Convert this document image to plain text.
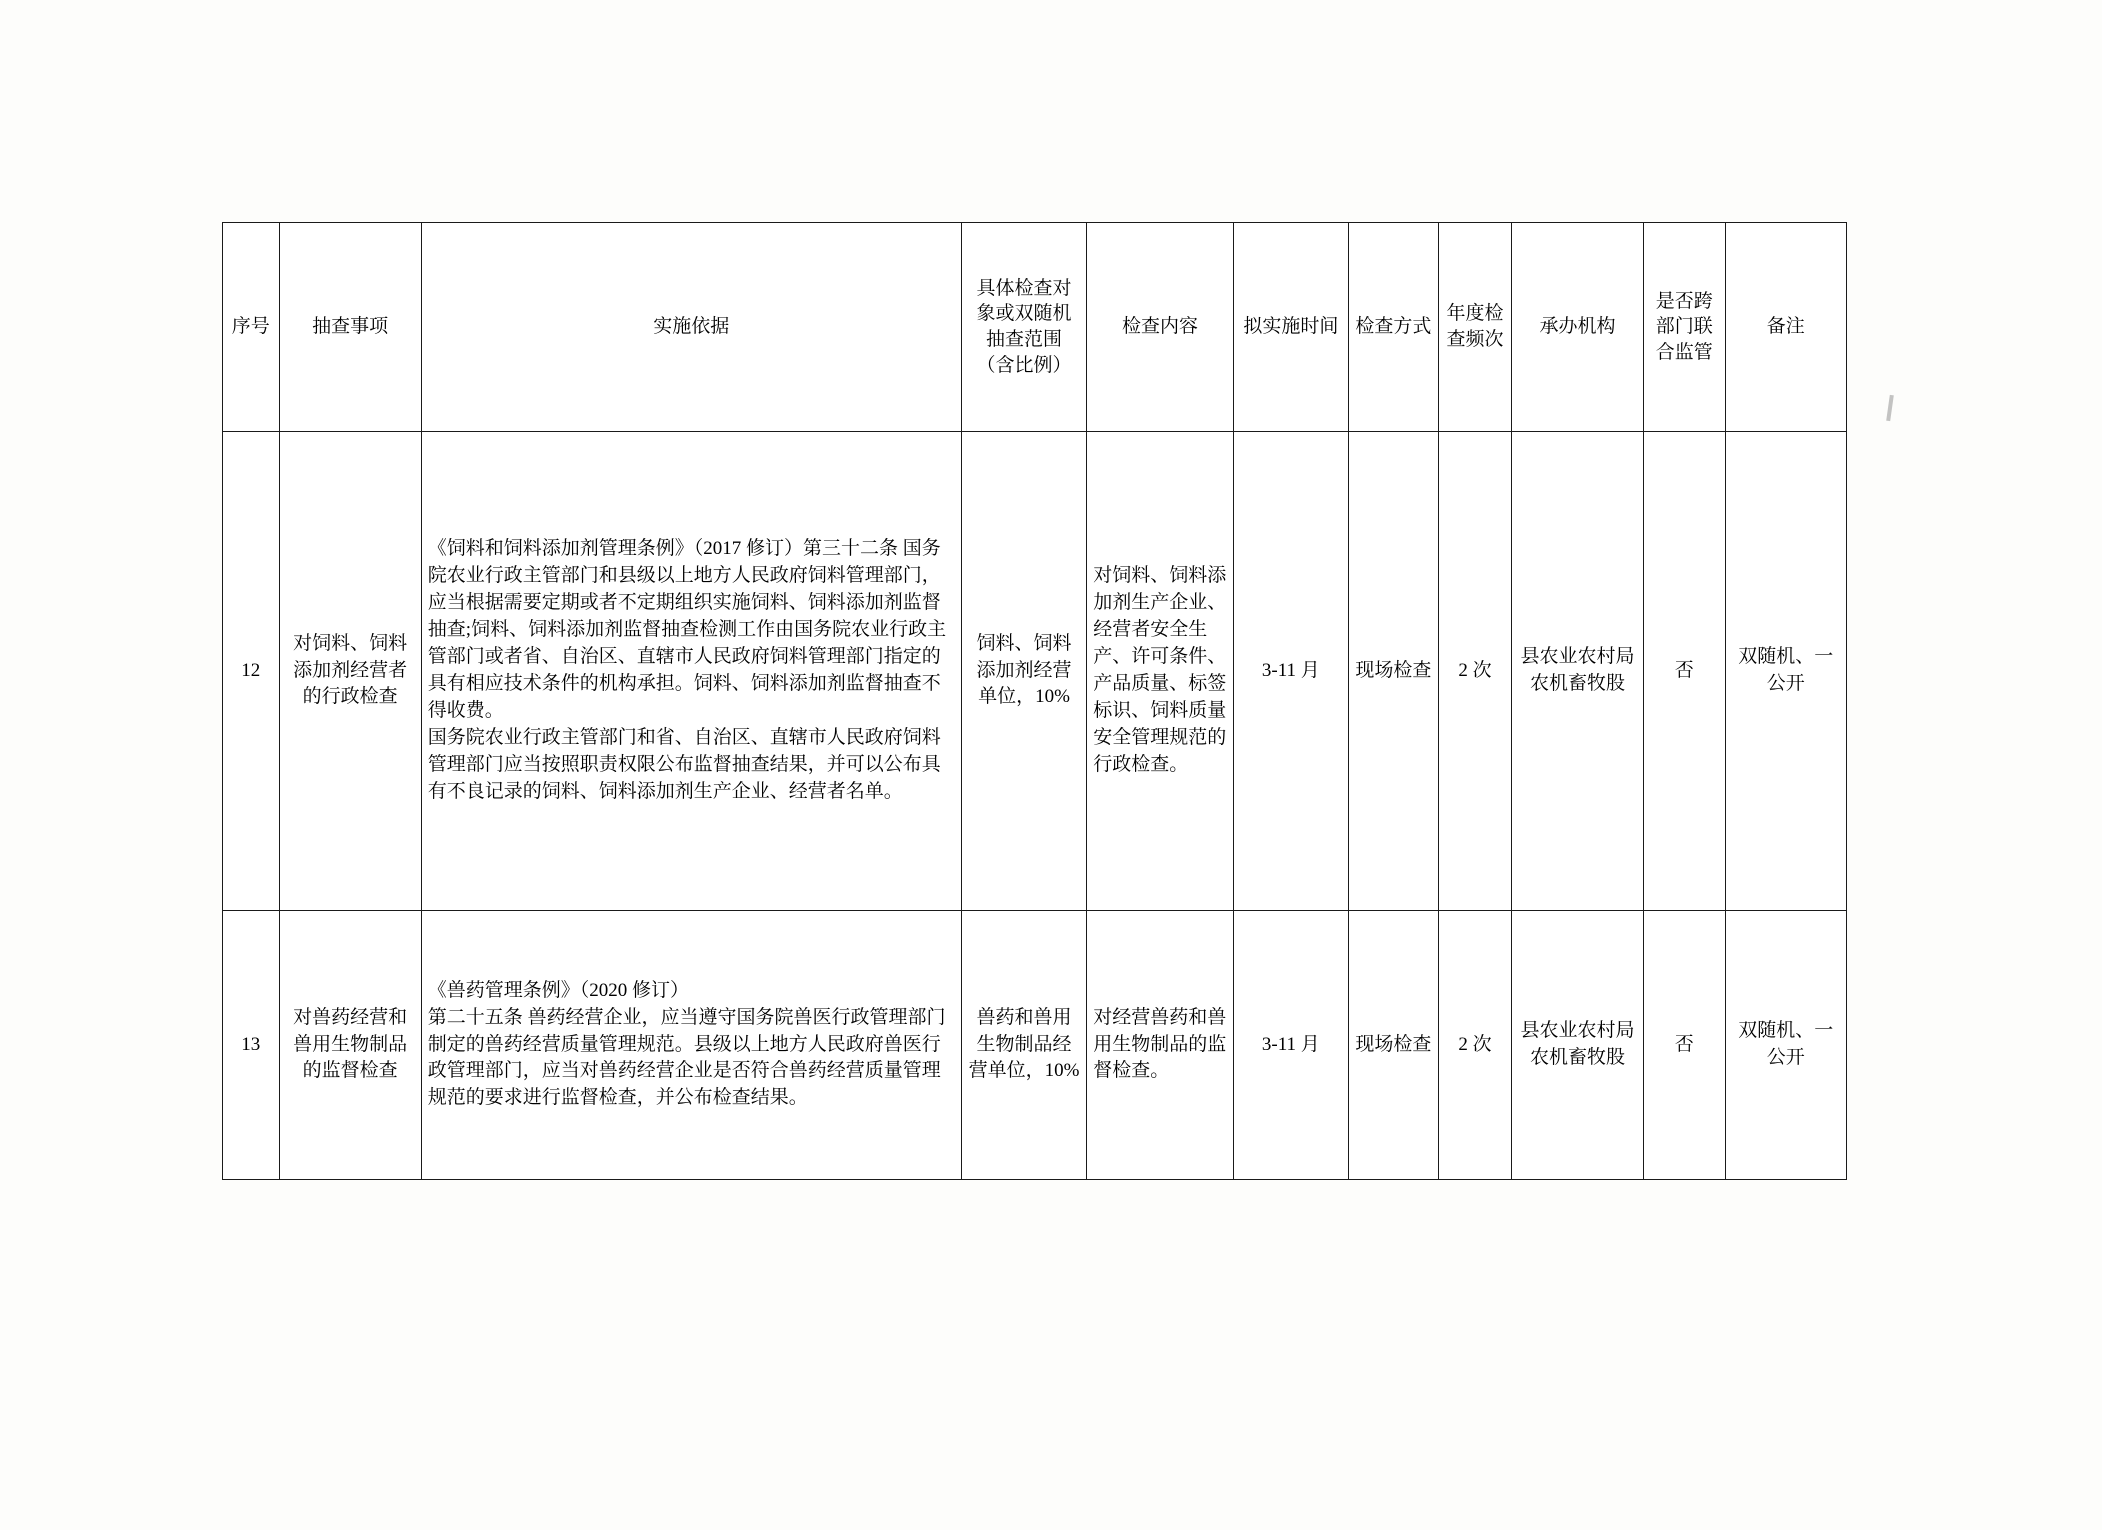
序号	抽查事项	实施依据	具体检查对象或双随机抽查范围（含比例）	检查内容	拟实施时间	检查方式	年度检查频次	承办机构	是否跨部门联合监管	备注

12	对饲料、饲料添加剂经营者的行政检查	《饲料和饲料添加剂管理条例》（2017 修订）第三十二条 国务院农业行政主管部门和县级以上地方人民政府饲料管理部门，应当根据需要定期或者不定期组织实施饲料、饲料添加剂监督抽查;饲料、饲料添加剂监督抽查检测工作由国务院农业行政主管部门或者省、自治区、直辖市人民政府饲料管理部门指定的具有相应技术条件的机构承担。饲料、饲料添加剂监督抽查不得收费。

国务院农业行政主管部门和省、自治区、直辖市人民政府饲料管理部门应当按照职责权限公布监督抽查结果，并可以公布具有不良记录的饲料、饲料添加剂生产企业、经营者名单。	饲料、饲料添加剂经营单位，10%	对饲料、饲料添加剂生产企业、经营者安全生产、许可条件、产品质量、标签标识、饲料质量安全管理规范的行政检查。	3-11 月	现场检查	2 次	县农业农村局农机畜牧股	否	双随机、一公开
13	对兽药经营和兽用生物制品的监督检查	《兽药管理条例》（2020 修订）

第二十五条 兽药经营企业，应当遵守国务院兽医行政管理部门制定的兽药经营质量管理规范。县级以上地方人民政府兽医行政管理部门，应当对兽药经营企业是否符合兽药经营质量管理规范的要求进行监督检查，并公布检查结果。	兽药和兽用生物制品经营单位，10%	对经营兽药和兽用生物制品的监督检查。	3-11 月	现场检查	2 次	县农业农村局农机畜牧股	否	双随机、一公开
